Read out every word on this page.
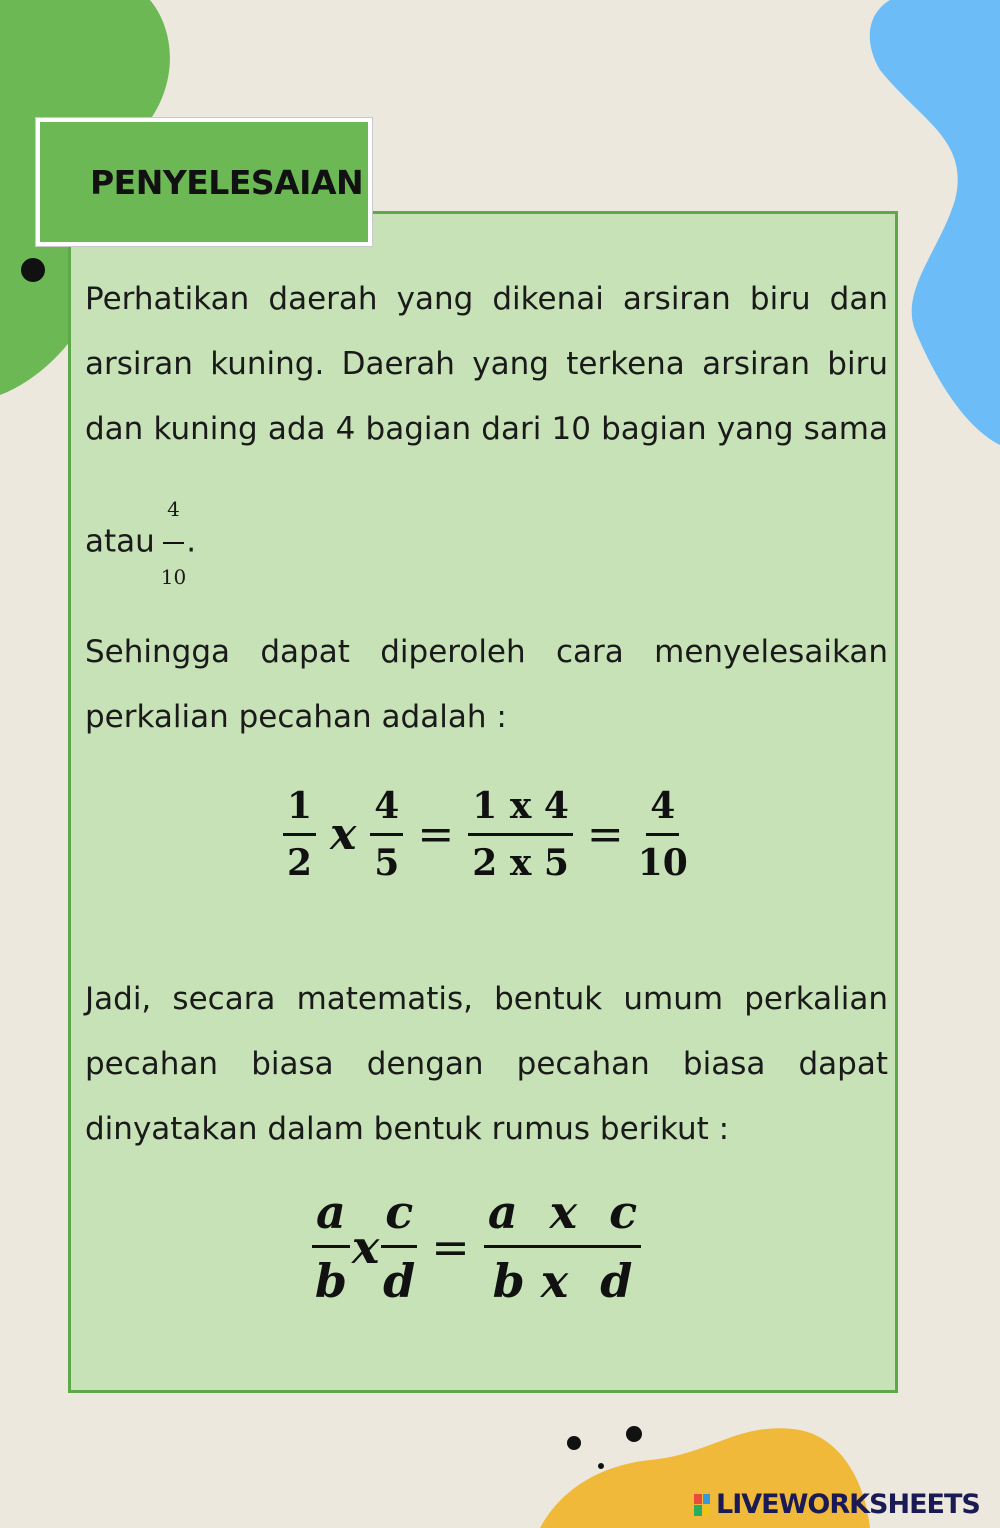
Perhatikan daerah yang dikenai arsiran biru dan arsiran kuning. Daerah yang terkena arsiran biru dan kuning ada 4 bagian dari 10 bagian yang sama
atau $\frac{4}{10}$ .
Sehingga dapat diperoleh cara menyelesaikan perkalian pecahan adalah :
Jadi, secara matematis, bentuk umum perkalian pecahan biasa dengan pecahan biasa dapat dinyatakan dalam bentuk rumus berikut :
$\frac{1}{2}$ x $\frac{4}{5} = \frac{1 x 4}{2 x 5} = \frac{4}{10}$
$\frac{a}{b}$ x $\frac{c}{d} = \frac{\text{a  x  c}}{\text{b x  d}}$
PENYELESAIAN
LIVEWORKSHEETS
